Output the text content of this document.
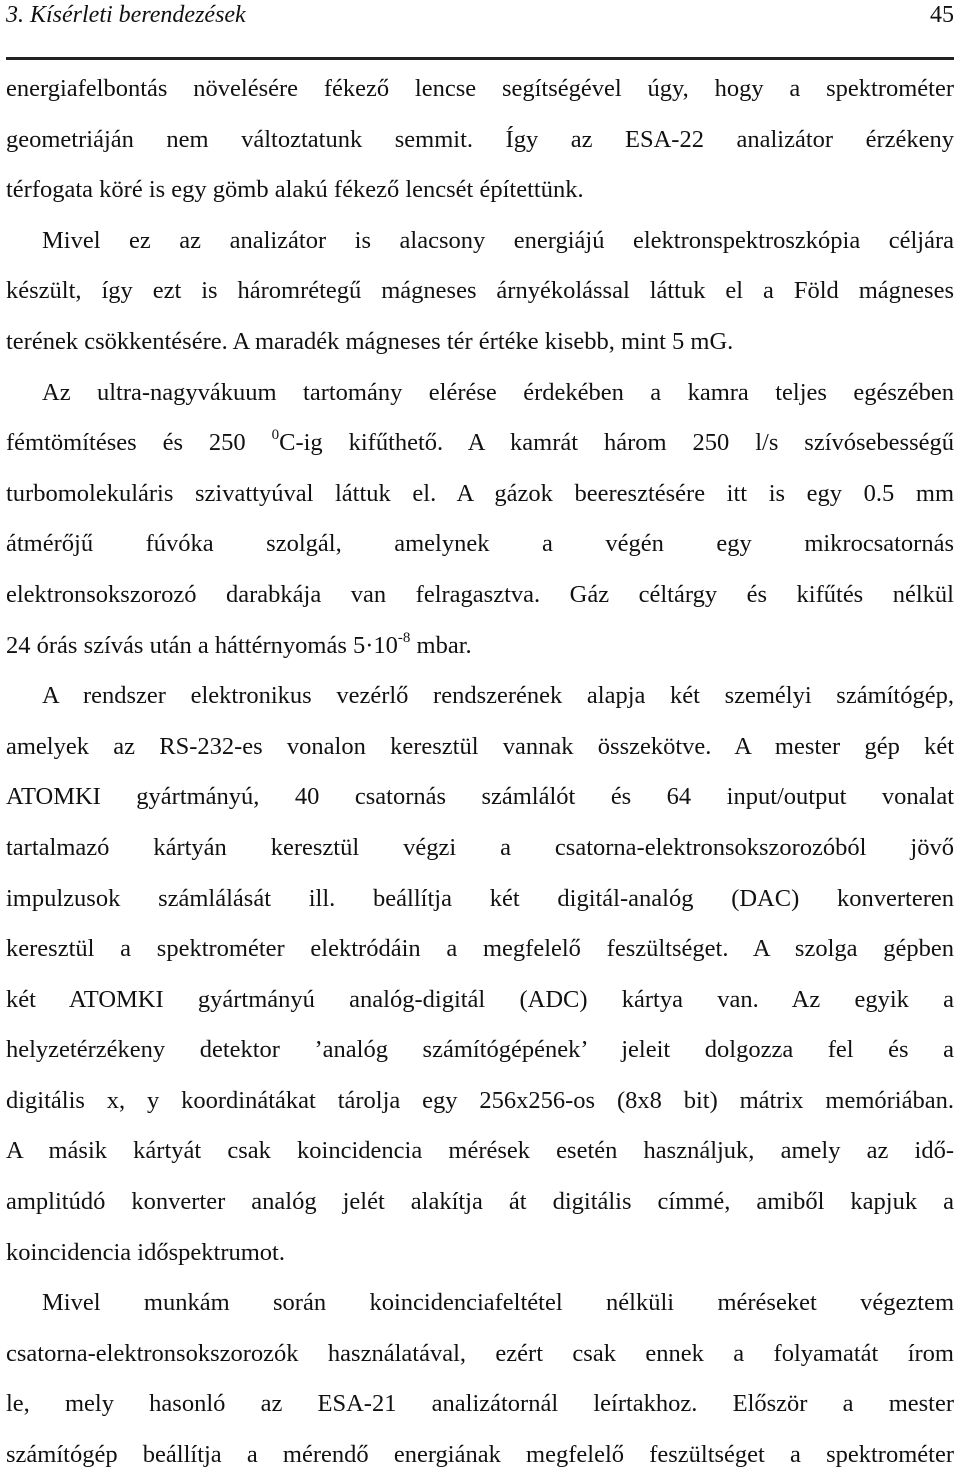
3. Kísérleti berendezések	45

energiafelbontás növelésére fékező lencse segítségével úgy, hogy a spektrométer
geometriáján nem változtatunk semmit. Így az ESA-22 analizátor érzékeny
térfogata köré is egy gömb alakú fékező lencsét építettünk.

Mivel ez az analizátor is alacsony energiájú elektronspektroszkópia céljára
készült, így ezt is háromrétegű mágneses árnyékolással láttuk el a Föld mágneses
terének csökkentésére. A maradék mágneses tér értéke kisebb, mint 5 mG.

Az ultra-nagyvákuum tartomány elérése érdekében a kamra teljes egészében
fémtömítéses és 250 $^0$C-ig kifűthető. A kamrát három 250 l/s szívósebességű
turbomolekuláris szivattyúval láttuk el. A gázok beeresztésére itt is egy 0.5 mm
átmérőjű fúvóka szolgál, amelynek a végén egy mikrocsatornás
elektronsokszorozó darabkája van felragasztva. Gáz céltárgy és kifűtés nélkül
24 órás szívás után a háttérnyomás $5\cdot 10^{-8}$ mbar.

A rendszer elektronikus vezérlő rendszerének alapja két személyi számítógép,
amelyek az RS-232-es vonalon keresztül vannak összekötve. A mester gép két
ATOMKI gyártmányú, 40 csatornás számlálót és 64 input/output vonalat
tartalmazó kártyán keresztül végzi a csatorna-elektronsokszorozóból jövő
impulzusok számlálását ill. beállítja két digitál-analóg (DAC) konverteren
keresztül a spektrométer elektródáin a megfelelő feszültséget. A szolga gépben
két ATOMKI gyártmányú analóg-digitál (ADC) kártya van. Az egyik a
helyzetérzékeny detektor ’analóg számítógépének’ jeleit dolgozza fel és a
digitális x, y koordinátákat tárolja egy 256x256-os (8x8 bit) mátrix memóriában.
A másik kártyát csak koincidencia mérések esetén használjuk, amely az idő-
amplitúdó konverter analóg jelét alakítja át digitális címmé, amiből kapjuk a
koincidencia időspektrumot.

Mivel munkám során koincidenciafeltétel nélküli méréseket végeztem
csatorna-elektronsokszorozók használatával, ezért csak ennek a folyamatát írom
le, mely hasonló az ESA-21 analizátornál leírtakhoz. Először a mester
számítógép beállítja a mérendő energiának megfelelő feszültséget a spektrométer
